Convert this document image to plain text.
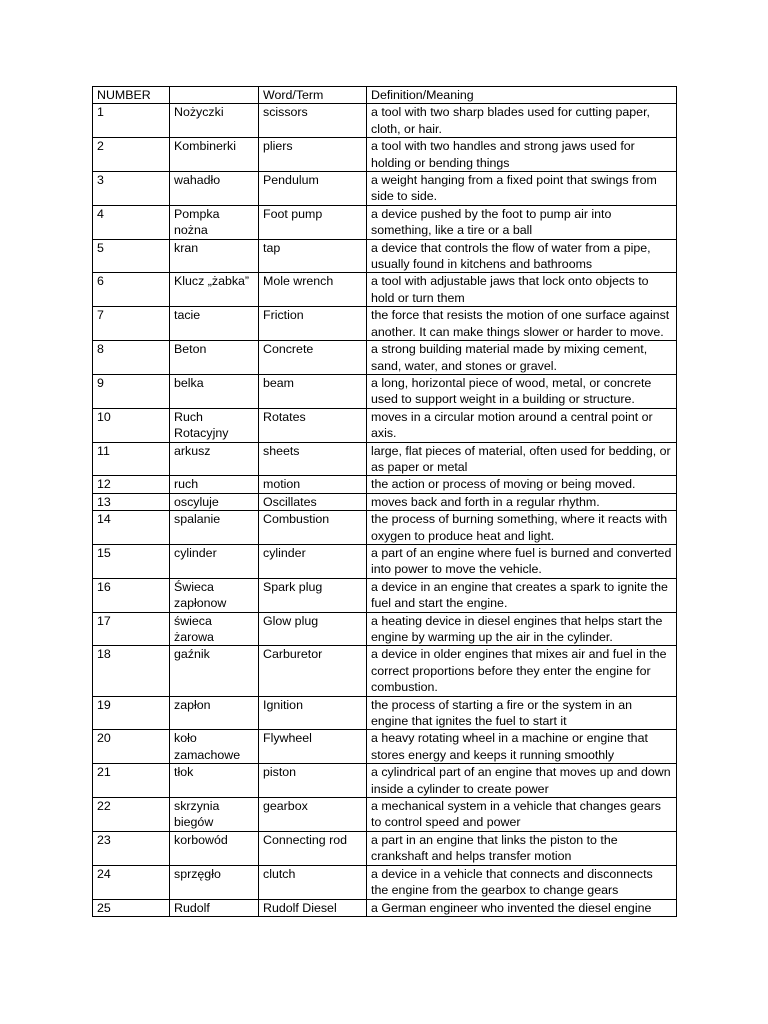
NUMBER		Word/Term	Definition/Meaning
1	Nożyczki	scissors	a tool with two sharp blades used for cutting paper, cloth, or hair.
2	Kombinerki	pliers	a tool with two handles and strong jaws used for holding or bending things
3	wahadło	Pendulum	a weight hanging from a fixed point that swings from side to side.
4	Pompka nożna	Foot pump	a device pushed by the foot to pump air into something, like a tire or a ball
5	kran	tap	a device that controls the flow of water from a pipe, usually found in kitchens and bathrooms
6	Klucz „żabka”	Mole wrench	a tool with adjustable jaws that lock onto objects to hold or turn them
7	tacie	Friction	the force that resists the motion of one surface against another. It can make things slower or harder to move.
8	Beton	Concrete	a strong building material made by mixing cement, sand, water, and stones or gravel.
9	belka	beam	a long, horizontal piece of wood, metal, or concrete used to support weight in a building or structure.
10	Ruch Rotacyjny	Rotates	moves in a circular motion around a central point or axis.
11	arkusz	sheets	large, flat pieces of material, often used for bedding, or as paper or metal
12	ruch	motion	the action or process of moving or being moved.
13	oscyluje	Oscillates	moves back and forth in a regular rhythm.
14	spalanie	Combustion	the process of burning something, where it reacts with oxygen to produce heat and light.
15	cylinder	cylinder	a part of an engine where fuel is burned and converted into power to move the vehicle.
16	Świeca zapłonow	Spark plug	a device in an engine that creates a spark to ignite the fuel and start the engine.
17	świeca żarowa	Glow plug	a heating device in diesel engines that helps start the engine by warming up the air in the cylinder.
18	gaźnik	Carburetor	a device in older engines that mixes air and fuel in the correct proportions before they enter the engine for combustion.
19	zapłon	Ignition	the process of starting a fire or the system in an engine that ignites the fuel to start it
20	koło zamachowe	Flywheel	a heavy rotating wheel in a machine or engine that stores energy and keeps it running smoothly
21	tłok	piston	a cylindrical part of an engine that moves up and down inside a cylinder to create power
22	skrzynia biegów	gearbox	a mechanical system in a vehicle that changes gears to control speed and power
23	korbowód	Connecting rod	a part in an engine that links the piston to the crankshaft and helps transfer motion
24	sprzęgło	clutch	a device in a vehicle that connects and disconnects the engine from the gearbox to change gears
25	Rudolf	Rudolf Diesel	a German engineer who invented the diesel engine
